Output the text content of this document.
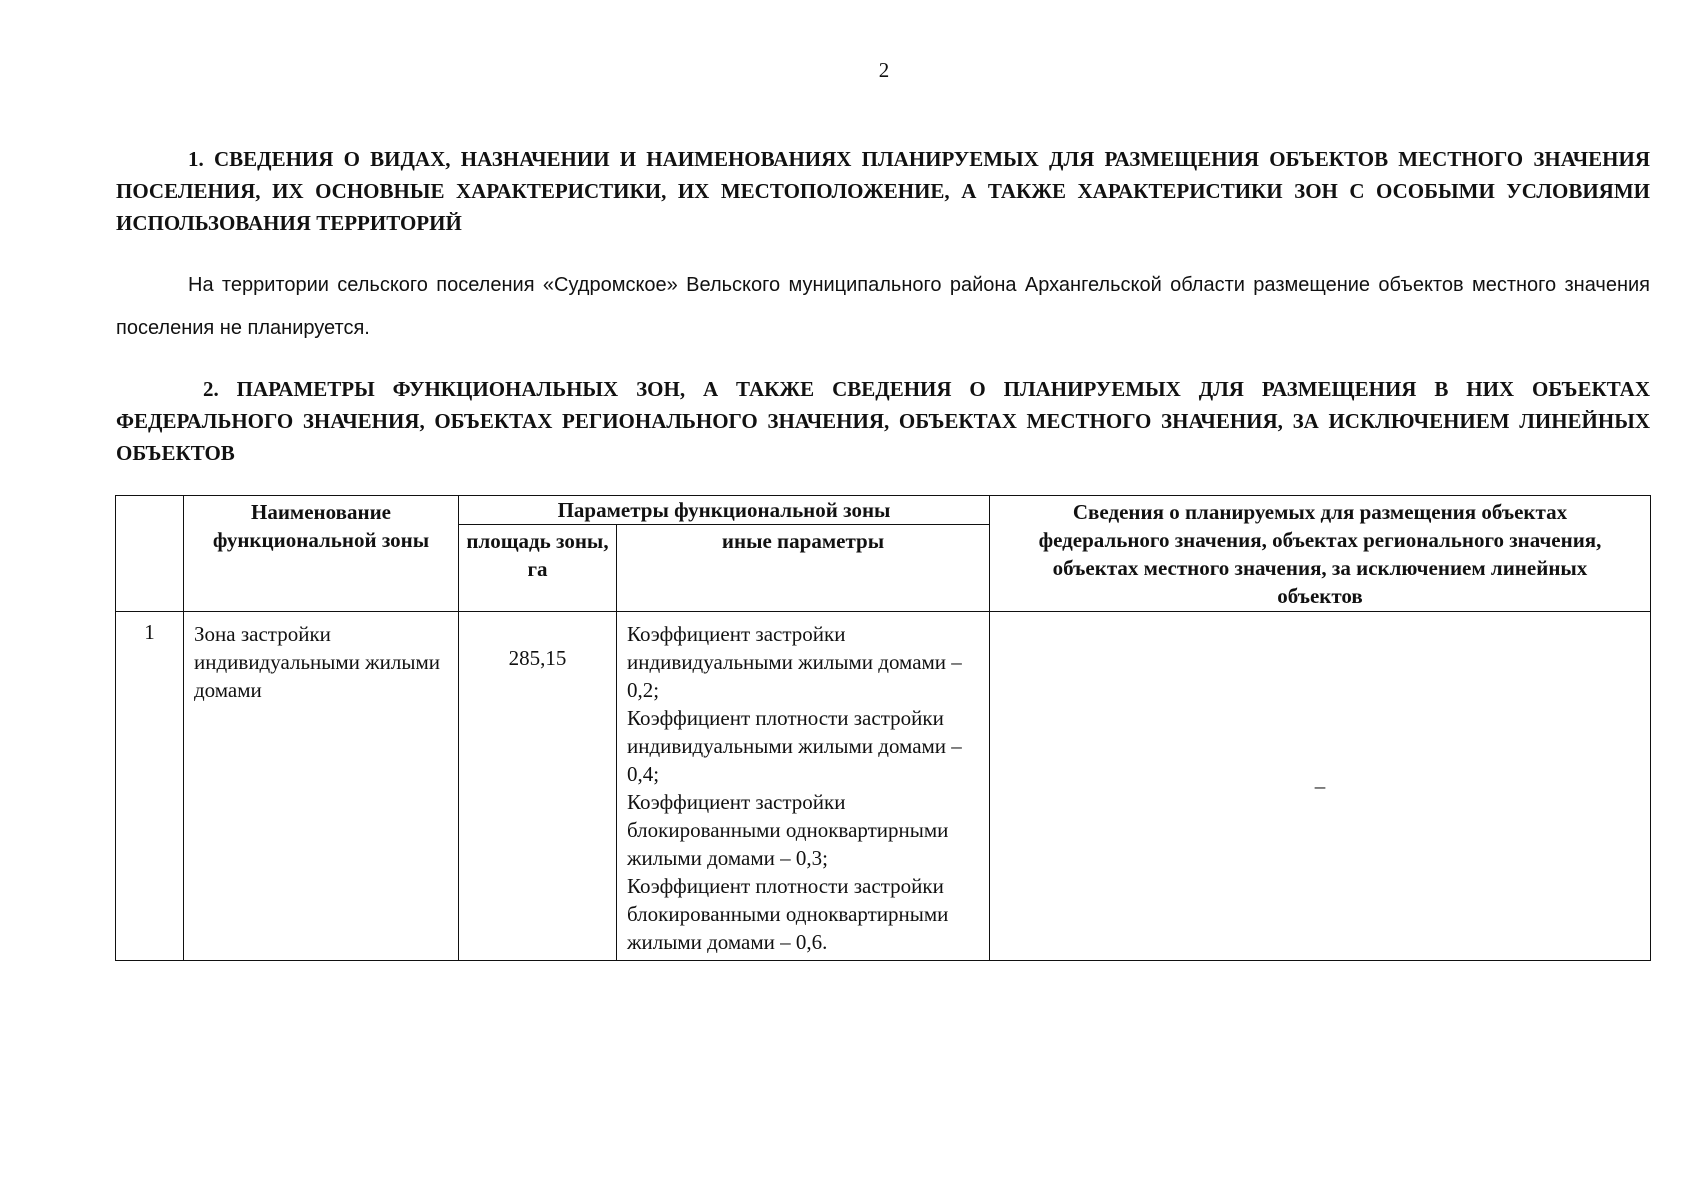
2
1. СВЕДЕНИЯ О ВИДАХ, НАЗНАЧЕНИИ И НАИМЕНОВАНИЯХ ПЛАНИРУЕМЫХ ДЛЯ РАЗМЕЩЕНИЯ ОБЪЕКТОВ МЕСТНОГО ЗНАЧЕНИЯ ПОСЕЛЕНИЯ, ИХ ОСНОВНЫЕ ХАРАКТЕРИСТИКИ, ИХ МЕСТОПОЛОЖЕНИЕ, А ТАКЖЕ ХАРАКТЕРИСТИКИ ЗОН С ОСОБЫМИ УСЛОВИЯМИ ИСПОЛЬЗОВАНИЯ ТЕРРИТОРИЙ
На территории сельского поселения «Судромское» Вельского муниципального района Архангельской области размещение объектов местного значения поселения не планируется.
2. ПАРАМЕТРЫ ФУНКЦИОНАЛЬНЫХ ЗОН, А ТАКЖЕ СВЕДЕНИЯ О ПЛАНИРУЕМЫХ ДЛЯ РАЗМЕЩЕНИЯ В НИХ ОБЪЕКТАХ ФЕДЕРАЛЬНОГО ЗНАЧЕНИЯ, ОБЪЕКТАХ РЕГИОНАЛЬНОГО ЗНАЧЕНИЯ, ОБЪЕКТАХ МЕСТНОГО ЗНАЧЕНИЯ, ЗА ИСКЛЮЧЕНИЕМ ЛИНЕЙНЫХ ОБЪЕКТОВ
	Наименование функциональной зоны	Параметры функциональной зоны		Сведения о планируемых для размещения объектах федерального значения, объектах регионального значения, объектах местного значения, за исключением линейных объектов
		площадь зоны, га	иные параметры	
1	Зона застройки индивидуальными жилыми домами	285,15	Коэффициент застройки индивидуальными жилыми домами – 0,2;
Коэффициент плотности застройки индивидуальными жилыми домами – 0,4;
Коэффициент застройки блокированными одноквартирными жилыми домами – 0,3;
Коэффициент плотности застройки блокированными одноквартирными жилыми домами – 0,6.	–
